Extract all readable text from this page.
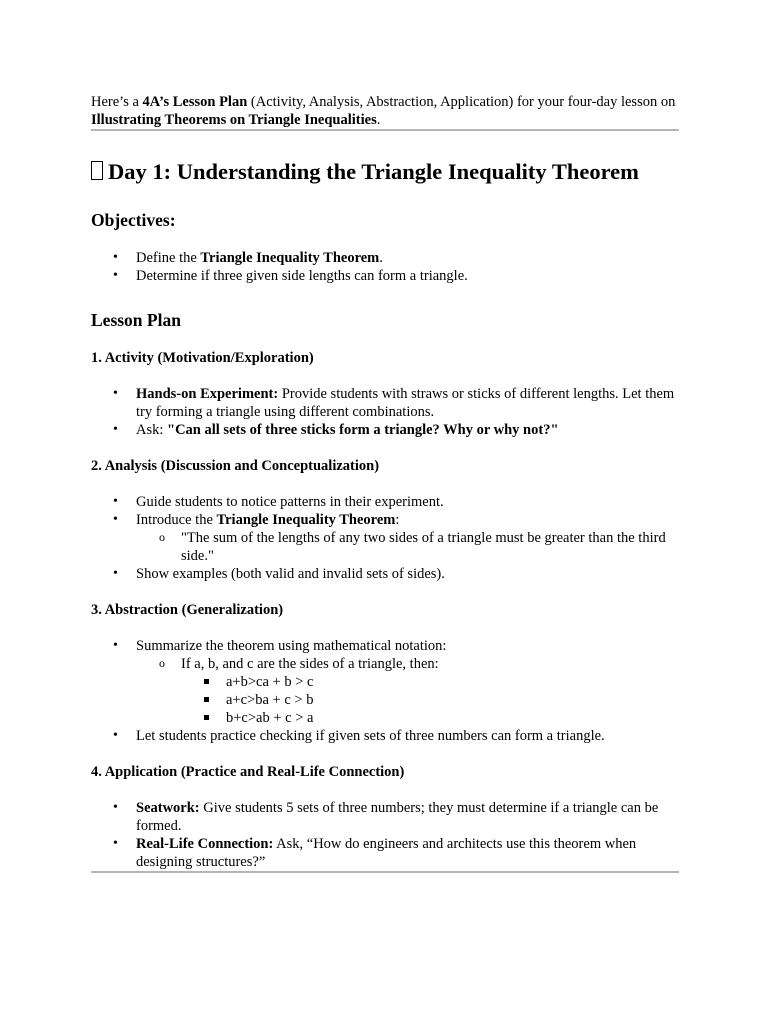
Here’s a 4A’s Lesson Plan (Activity, Analysis, Abstraction, Application) for your four-day lesson on Illustrating Theorems on Triangle Inequalities.

Day 1: Understanding the Triangle Inequality Theorem
Objectives:
• Define the Triangle Inequality Theorem.
• Determine if three given side lengths can form a triangle.
Lesson Plan
1. Activity (Motivation/Exploration)
• Hands-on Experiment: Provide students with straws or sticks of different lengths. Let them try forming a triangle using different combinations.
• Ask: "Can all sets of three sticks form a triangle? Why or why not?"
2. Analysis (Discussion and Conceptualization)
• Guide students to notice patterns in their experiment.
• Introduce the Triangle Inequality Theorem:
o "The sum of the lengths of any two sides of a triangle must be greater than the third side."
• Show examples (both valid and invalid sets of sides).
3. Abstraction (Generalization)
• Summarize the theorem using mathematical notation:
o If a, b, and c are the sides of a triangle, then:
a+b>ca + b > c
a+c>ba + c > b
b+c>ab + c > a
• Let students practice checking if given sets of three numbers can form a triangle.
4. Application (Practice and Real-Life Connection)
• Seatwork: Give students 5 sets of three numbers; they must determine if a triangle can be formed.
• Real-Life Connection: Ask, “How do engineers and architects use this theorem when designing structures?”
